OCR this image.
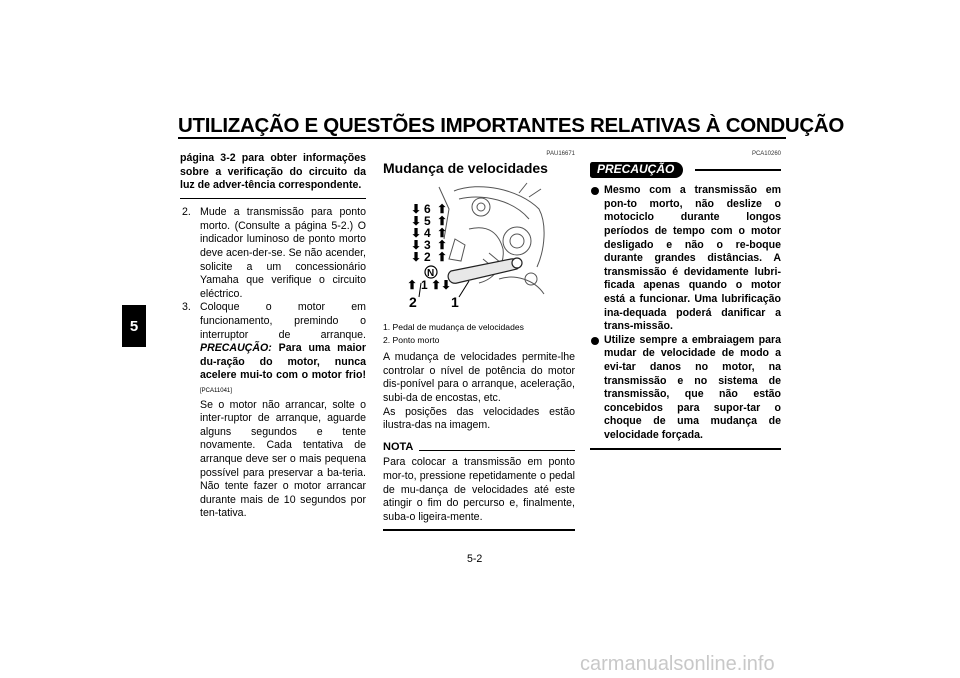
UTILIZAÇÃO E QUESTÕES IMPORTANTES RELATIVAS À CONDUÇÃO
5
página 3-2 para obter informações sobre a verificação do circuito da luz de adver-tência correspondente.
2. Mude a transmissão para ponto morto. (Consulte a página 5-2.) O indicador luminoso de ponto morto deve acen-der-se. Se não acender, solicite a um concessionário Yamaha que verifique o circuito eléctrico.
3. Coloque o motor em funcionamento, premindo o interruptor de arranque. PRECAUÇÃO: Para uma maior du-ração do motor, nunca acelere mui-to com o motor frio! [PCA11041]
Se o motor não arrancar, solte o inter-ruptor de arranque, aguarde alguns segundos e tente novamente. Cada tentativa de arranque deve ser o mais pequena possível para preservar a ba-teria. Não tente fazer o motor arrancar durante mais de 10 segundos por ten-tativa.
PAU16671
Mudança de velocidades
⬇
⬇
⬇
⬇
⬇
⬆
⬆
⬆
⬆
⬆
6
5
4
3
2
N
⬆ 1 ⬆ ⬇
2 1
1. Pedal de mudança de velocidades
2. Ponto morto
A mudança de velocidades permite-lhe controlar o nível de potência do motor dis-ponível para o arranque, aceleração, subi-da de encostas, etc.
As posições das velocidades estão ilustra-das na imagem.
NOTA
Para colocar a transmissão em ponto mor-to, pressione repetidamente o pedal de mu-dança de velocidades até este atingir o fim do percurso e, finalmente, suba-o ligeira-mente.
PCA10260
PRECAUÇÃO
Mesmo com a transmissão em pon-to morto, não deslize o motociclo durante longos períodos de tempo com o motor desligado e não o re-boque durante grandes distâncias. A transmissão é devidamente lubri-ficada apenas quando o motor está a funcionar. Uma lubrificação ina-dequada poderá danificar a trans-missão.
Utilize sempre a embraiagem para mudar de velocidade de modo a evi-tar danos no motor, na transmissão e no sistema de transmissão, que não estão concebidos para supor-tar o choque de uma mudança de velocidade forçada.
5-2
carmanualsonline.info
